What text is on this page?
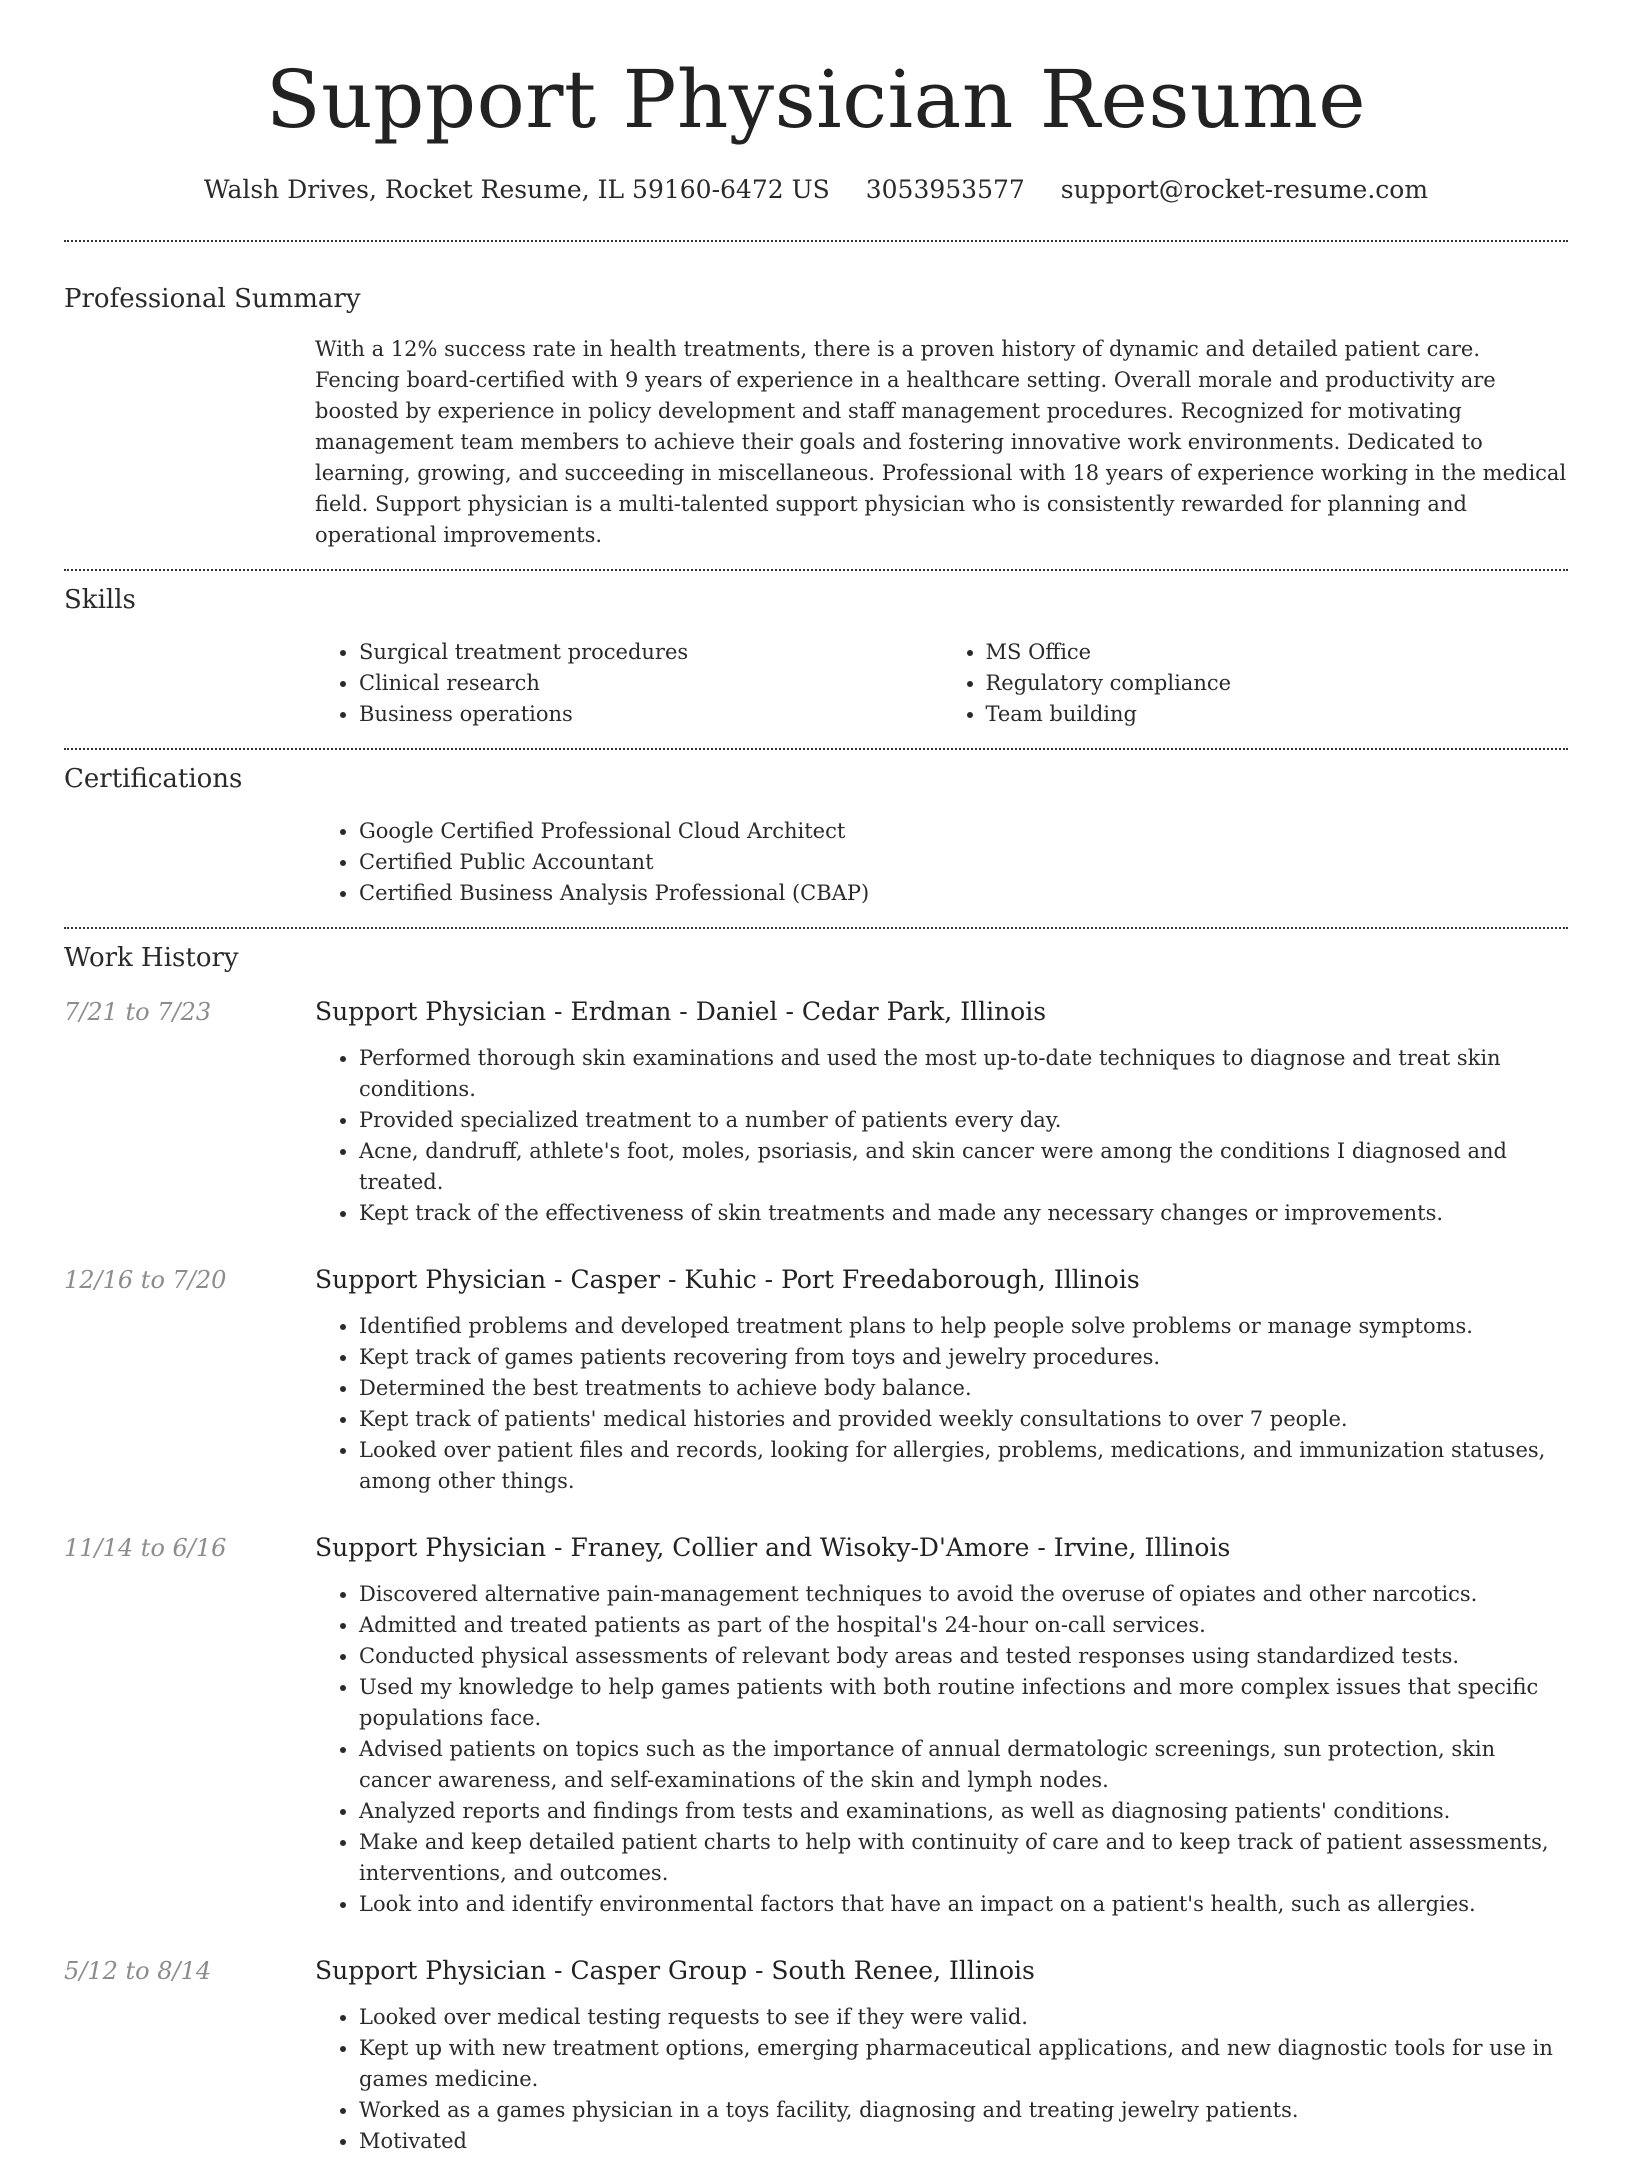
Support Physician Resume
Walsh Drives, Rocket Resume, IL 59160-6472 US 3053953577 support@rocket-resume.com
Professional Summary
With a 12% success rate in health treatments, there is a proven history of dynamic and detailed patient care. Fencing board-certified with 9 years of experience in a healthcare setting. Overall morale and productivity are boosted by experience in policy development and staff management procedures. Recognized for motivating management team members to achieve their goals and fostering innovative work environments. Dedicated to learning, growing, and succeeding in miscellaneous. Professional with 18 years of experience working in the medical field. Support physician is a multi-talented support physician who is consistently rewarded for planning and operational improvements.
Skills
• Surgical treatment procedures
• Clinical research
• Business operations
• MS Office
• Regulatory compliance
• Team building
Certifications
• Google Certified Professional Cloud Architect
• Certified Public Accountant
• Certified Business Analysis Professional (CBAP)
Work History
7/21 to 7/23	Support Physician - Erdman - Daniel - Cedar Park, Illinois
• Performed thorough skin examinations and used the most up-to-date techniques to diagnose and treat skin conditions.
• Provided specialized treatment to a number of patients every day.
• Acne, dandruff, athlete's foot, moles, psoriasis, and skin cancer were among the conditions I diagnosed and treated.
• Kept track of the effectiveness of skin treatments and made any necessary changes or improvements.
12/16 to 7/20	Support Physician - Casper - Kuhic - Port Freedaborough, Illinois
• Identified problems and developed treatment plans to help people solve problems or manage symptoms.
• Kept track of games patients recovering from toys and jewelry procedures.
• Determined the best treatments to achieve body balance.
• Kept track of patients' medical histories and provided weekly consultations to over 7 people.
• Looked over patient files and records, looking for allergies, problems, medications, and immunization statuses, among other things.
11/14 to 6/16	Support Physician - Franey, Collier and Wisoky-D'Amore - Irvine, Illinois
• Discovered alternative pain-management techniques to avoid the overuse of opiates and other narcotics.
• Admitted and treated patients as part of the hospital's 24-hour on-call services.
• Conducted physical assessments of relevant body areas and tested responses using standardized tests.
• Used my knowledge to help games patients with both routine infections and more complex issues that specific populations face.
• Advised patients on topics such as the importance of annual dermatologic screenings, sun protection, skin cancer awareness, and self-examinations of the skin and lymph nodes.
• Analyzed reports and findings from tests and examinations, as well as diagnosing patients' conditions.
• Make and keep detailed patient charts to help with continuity of care and to keep track of patient assessments, interventions, and outcomes.
• Look into and identify environmental factors that have an impact on a patient's health, such as allergies.
5/12 to 8/14	Support Physician - Casper Group - South Renee, Illinois
• Looked over medical testing requests to see if they were valid.
• Kept up with new treatment options, emerging pharmaceutical applications, and new diagnostic tools for use in games medicine.
• Worked as a games physician in a toys facility, diagnosing and treating jewelry patients.
• Motivated
